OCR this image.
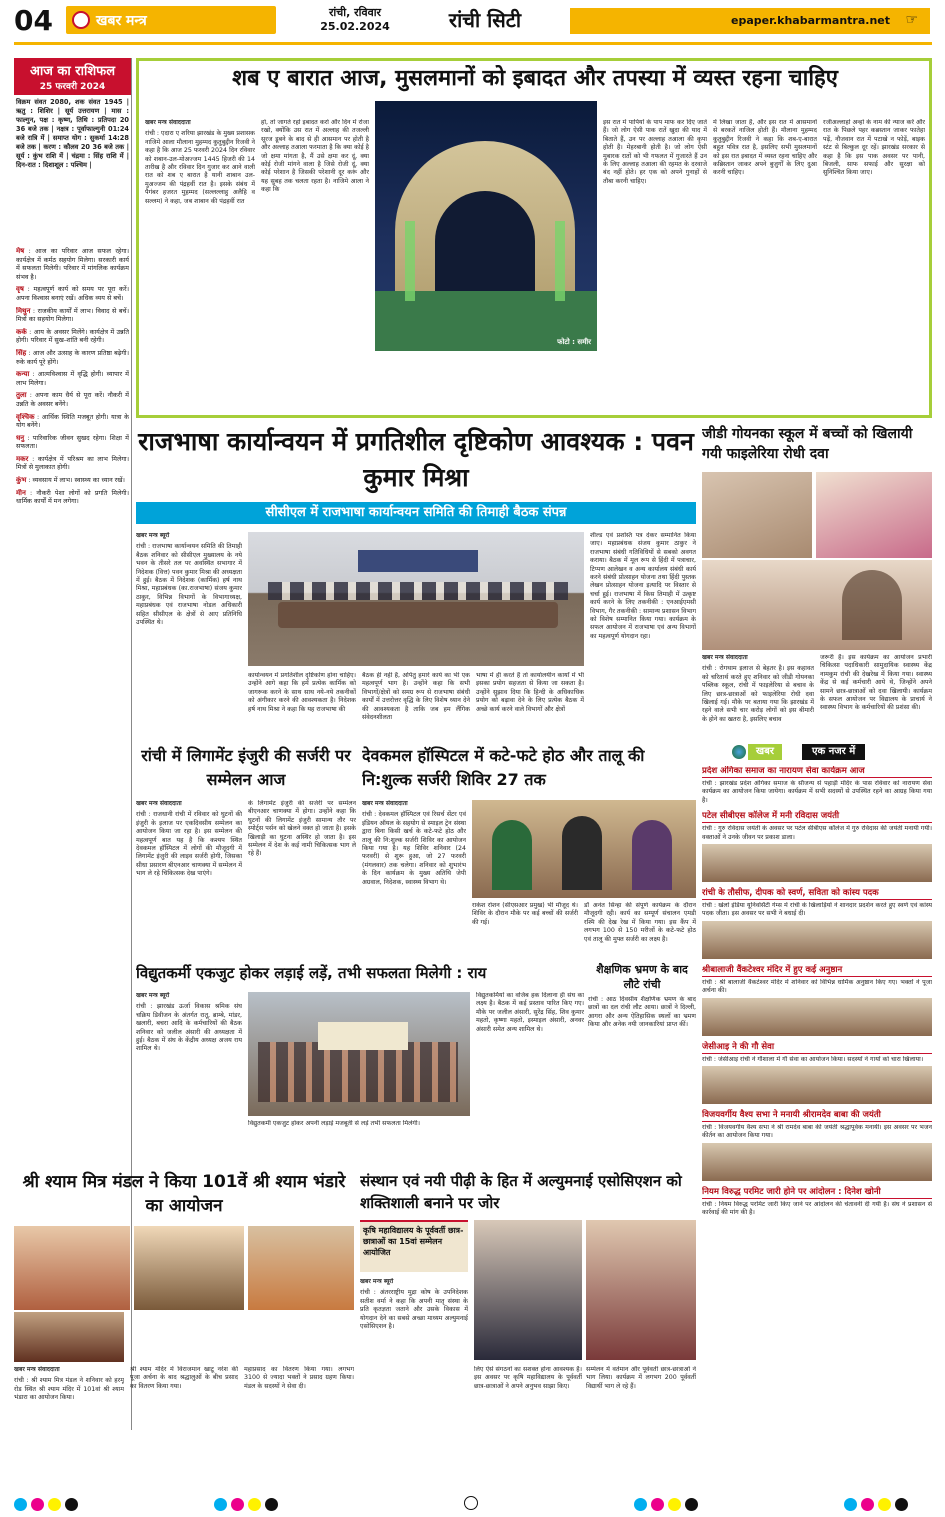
04	खबर मन्त्र
रांची, रविवार
25.02.2024	रांची सिटी	epaper.khabarmantra.net ☞
आज का राशिफल
25 फरवरी 2024
विक्रम संवत 2080, शक संवत 1945 | ऋतु : शिशिर | सूर्य उत्तरायण | मास : फाल्गुन, पक्ष : कृष्ण, तिथि : प्रतिपदा 20 36 बजे तक | नक्षत्र : पूर्वाफाल्गुनी 01:24 बजे रात्रि में | समाप्त योग : सुकर्मा 14:28 बजे तक | करण : कौलव 20 36 बजे तक | सूर्य : कुंभ राशि में | चंद्रमा : सिंह राशि में | दिन-रात : दिशाशूल : पश्चिम |
मेष : आज का परिवार आज सफल रहेगा। कार्यक्षेत्र में कर्मठ सहयोग मिलेगा। सरकारी कार्य में सफलता मिलेगी। परिवार में मांगलिक कार्यक्रम संभव है।
वृष : महत्वपूर्ण कार्य को समय पर पूरा करें। अपना विश्वास बनाएं रखें। अधिक व्यय से बचें।
मिथुन : राजकीय कार्यों में लाभ। विवाद से बचें। मित्रों का सहयोग मिलेगा।
कर्क : आय के अवसर मिलेंगे। कार्यक्षेत्र में उन्नति होगी। परिवार में सुख-शांति बनी रहेगी।
सिंह : आज और उत्साह के कारण प्रतिष्ठा बढ़ेगी। रुके कार्य पूरे होंगे।
कन्या : आत्मविश्वास में वृद्धि होगी। व्यापार में लाभ मिलेगा।
तुला : अपना काम धैर्य से पूरा करें। नौकरी में उन्नति के अवसर बनेंगे।
वृश्चिक : आर्थिक स्थिति मजबूत होगी। यात्रा के योग बनेंगे।
धनु : पारिवारिक जीवन सुखद रहेगा। शिक्षा में सफलता।
मकर : कार्यक्षेत्र में परिश्रम का लाभ मिलेगा। मित्रों से मुलाकात होगी।
कुंभ : व्यवसाय में लाभ। स्वास्थ्य का ध्यान रखें।
मीन : नौकरी पेशा लोगों को प्रगति मिलेगी। धार्मिक कार्यों में मन लगेगा।
शब ए बारात आज, मुसलमानों को इबादत और तपस्या में व्यस्त रहना चाहिए
खबर मन्त्र संवाददाता
रांची : एदारा ए शरिया झारखंड के मुख्य प्रशासक नाजिमे आला मौलाना मुहम्मद कुतुबुद्दीन रिजवी ने कहा है कि आज 25 फरवरी 2024 दिन रविवार को शबान-उल-मोअज्जम 1445 हिजरी की 14 तारीख है और रविवार दिन गुजार कर आने वाली रात को शब ए बारात है यानी शाबान उल-मुअज्जम की पंद्रहवीं रात है। इसके संबंध में पैगंबर हजरत मुहम्मद (सल्लल्लाहु अलैहि व सल्लम) ने कहा, जब शाबान की पंद्रहवीं रात
हो, तो जागते रहो इबादत करो और दिन में रोजा रखो, क्योंकि उस रात में अल्लाह की तजल्ली सूरज डूबने के बाद से ही आसमान पर होती है और अल्लाह तआला फरमाता है कि क्या कोई है जो क्षमा मांगता है, मैं उसे क्षमा कर दूं, क्या कोई रोजी मांगने वाला है जिसे रोजी दूं, क्या कोई परेशान है जिसकी परेशानी दूर करूं और यह सुबह तक चलता रहता है। नाजिमे आला ने कहा कि
फोटो : समीर
इस रात में पापियों के पाप माफ कर दिए जाते हैं। जो लोग ऐसी पाक रातें खुदा की याद में बिताते हैं, उन पर अल्लाह तआला की कृपा होती है। मेहरबानी होती है। जो लोग ऐसी मुबारक रातों को भी गफलत में गुजारते हैं उन के लिए अल्लाह तआला की रहमत के दरवाजे बंद नहीं होते। हर एक को अपने गुनाहों से तौबा करनी चाहिए।
में लिखा जाता है, और इस रात में आसमानों से बरकतें नाजिल होती हैं। मौलाना मुहम्मद कुतुबुद्दीन रिजवी ने कहा कि शब-ए-बारात बहुत पवित्र रात है, इसलिए सभी मुसलमानों को इस रात इबादत में व्यस्त रहना चाहिए और कब्रिस्तान जाकर अपने बुजुर्गों के लिए दुआ करनी चाहिए।
रजीअल्लाहो अन्हो के नाम की न्याज करें और रात के पिछले पहर कब्रस्तान जाकर फातेहा पढ़ें, नौजवान रात में पटाखे न फोड़ें, बाइक स्टंट से बिल्कुल दूर रहें। झारखंड सरकार से कहा है कि इस पाक अवसर पर पानी, बिजली, साफ सफाई और सुरक्षा को सुनिश्चित किया जाए।
राजभाषा कार्यान्वयन में प्रगतिशील दृष्टिकोण आवश्यक : पवन कुमार मिश्रा
सीसीएल में राजभाषा कार्यान्वयन समिति की तिमाही बैठक संपन्न
खबर मन्त्र ब्यूरो
रांची : राजभाषा कार्यान्वयन समिति की तिमाही बैठक शनिवार को सीसीएल मुख्यालय के नये भवन के तीसरे तल पर अवस्थित सभागार में निदेशक (वित्त) पवन कुमार मिश्रा की अध्यक्षता में हुई। बैठक में निदेशक (कार्मिक) हर्ष नाथ मिश्रा, महाप्रबंधक (का.राजभाषा) संजय कुमार ठाकुर, विभिन्न विभागों के विभागाध्यक्ष, महाप्रबंधक एवं राजभाषा नोडल अधिकारी सहित सीसीएल के क्षेत्रों से आए प्रतिनिधि उपस्थित थे।
कार्यान्वयन में प्रगतिशील दृष्टिकोण होना चाहिए। उन्होंने आगे कहा कि हमें प्रत्येक कार्मिक को जागरूक करने के साथ साथ नये-नये तकनीकों को अंगीकार करने की आवश्यकता है। निदेशक हर्ष नाथ मिश्रा ने कहा कि यह राजभाषा की
बैठक ही नहीं है, अपितु हमारे कार्य का भी एक महत्वपूर्ण भाग है। उन्होंने कहा कि सभी विभागों/क्षेत्रों को समग्र रूप से राजभाषा संबंधी कार्यों में उत्तरोत्तर वृद्धि के लिए विशेष ध्यान देने की आवश्यकता है ताकि जब हम लैंगिक संवेदनशीलता
भाषा में ही करते हैं तो कार्यालयीन कार्यों में भी इसका प्रयोग सहजता से किया जा सकता है। उन्होंने सुझाव दिया कि हिन्दी के अधिकाधिक प्रयोग को बढ़ावा देने के लिए प्रत्येक बैठक में अच्छे कार्य करने वाले विभागों और क्षेत्रों
शील्ड एवं प्रशस्ति पत्र देकर सम्मानित किया जाए। महाप्रबंधक संजय कुमार ठाकुर ने राजभाषा संबंधी गतिविधियों से सबको अवगत कराया। बैठक में मूल रूप से हिंदी में पत्राचार, टिप्पण आलेखन व अन्य कार्यालय संबंधी कार्य करने संबंधी प्रोत्साहन योजना तथा हिंदी पुस्तक लेखन प्रोत्साहन योजना इत्यादि पर विस्तार से चर्चा हुई। राजभाषा में किस तिमाही में उत्कृष्ट कार्य करने के लिए तकनीकी : एनआईएमसी विभाग, गैर तकनीकी : सामान्य प्रशासन विभाग को विशेष सम्मानित किया गया। कार्यक्रम के सफल आयोजन में राजभाषा एवं अन्य विभागों का महत्वपूर्ण योगदान रहा।
जीडी गोयनका स्कूल में बच्चों को खिलायी गयी फाइलेरिया रोधी दवा
खबर मन्त्र संवाददाता
रांची : रोगथाम इलाज से बेहतर है। इस कहावत को चरितार्थ करते हुए शनिवार को जीडी गोयनका पब्लिक स्कूल, रांची में फाइलेरिया से बचाव के लिए छात्र-छात्राओं को फाइलेरिया रोधी दवा खिलाई गई। मौके पर बताया गया कि झारखंड में रहने वाले सभी चार करोड़ लोगों को इस बीमारी के होने का खतरा है, इसलिए बचाव
जरूरी है। इस कार्यक्रम का आयोजन प्रभारी चिकित्सा पदाधिकारी सामुदायिक स्वास्थ्य केंद्र नामकुम रांची की देखरेख में किया गया। स्वास्थ्य केंद्र से कई कर्मचारी आये थे, जिन्होंने अपने सामने छात्र-छात्राओं को दवा खिलायी। कार्यक्रम के सफल आयोजन पर विद्यालय के प्राचार्य ने स्वास्थ्य विभाग के कर्मचारियों की प्रशंसा की।
रांची में लिगामेंट इंजुरी की सर्जरी पर सम्मेलन आज
खबर मन्त्र संवाददाता
रांची : राजधानी रांची में रविवार को घुटनों की इंजुरी के इलाज पर एकदिवसीय सम्मेलन का आयोजन किया जा रहा है। इस सम्मेलन की महत्वपूर्ण बात यह है कि कश्यप स्थित देवकमल हॉस्पिटल में लोगों की मौजूदगी में लिगामेंट इंजुरी की लाइव सर्जरी होगी, जिसका सीधा प्रसारण बीएनआर चाणक्या में सम्मेलन में भाग ले रहे चिकित्सक देख पाएंगे।
के लिगामेंट इंजुरी की सर्जरी पर सम्मेलन बीएनआर चाणक्या में होगा। उन्होंने कहा कि घुटनों की लिगामेंट इंजुरी सामान्य तौर पर स्पोर्ट्स पर्सन को खेलने वक्त हो जाता है। इसके खिलाड़ी का घुटना अस्थिर हो जाता है। इस सम्मेलन में देश के कई नामी चिकित्सक भाग ले रहे हैं।
देवकमल हॉस्पिटल में कटे-फटे होठ और तालू की नि:शुल्क सर्जरी शिविर 27 तक
खबर मन्त्र संवाददाता
रांची : देवकमल हॉस्पिटल एवं रिसर्च सेंटर एवं इंडियन ऑयल के सहयोग से स्माइल ट्रेन संस्था द्वारा बिना किसी खर्च के कटे-फटे होठ और तालू की नि:शुल्क सर्जरी शिविर का आयोजन किया गया है। यह शिविर शनिवार (24 फरवरी) से शुरू हुआ, जो 27 फरवरी (मंगलवार) तक चलेगा। शनिवार को शुभारंभ के दिन कार्यक्रम के मुख्य अतिथि जेपी अग्रवाल, निदेशक, स्वास्थ्य विभाग थे।
राकेश रोशन (सीएसआर प्रमुख) भी मौजूद थे। शिविर के दौरान मौके पर कई बच्चों की सर्जरी की गई।
डॉ अनंत सिन्हा की संपूर्ण कार्यक्रम के दौरान मौजूदगी रही। कार्य का सम्पूर्ण संचालन एमडी रश्मि की देख रेख में किया गया। इस कैंप में लगभग 100 से 150 मरीजों के कटे-फटे होठ एवं तालू की मुफ्त सर्जरी का लक्ष्य है।
खबर	एक नजर में
प्रदेश अंगिका समाज का नारायण सेवा कार्यक्रम आज
रांची : झारखंड प्रदेश अंगिका समाज के सौजन्य से पहाड़ी मंदिर के पास रविवार को नारायण सेवा कार्यक्रम का आयोजन किया जायेगा। कार्यक्रम में सभी सदस्यों से उपस्थित रहने का आग्रह किया गया है।
पटेल सीबीएस कॉलेज में मनी रविदास जयंती
रांची : गुरु रविदास जयंती के अवसर पर पटेल सीबीएस कॉलेज में गुरु रविदास की जयंती मनायी गयी। वक्ताओं ने उनके जीवन पर प्रकाश डाला।
रांची के तौसीफ, दीपक को स्वर्ण, सविता को कांस्य पदक
रांची : खेलो इंडिया यूनिवर्सिटी गेम्स में रांची के खिलाड़ियों ने शानदार प्रदर्शन करते हुए स्वर्ण एवं कांस्य पदक जीता। इस अवसर पर सभी ने बधाई दी।
श्रीबालाजी वैंकटेश्वर मंदिर में हुए कई अनुष्ठान
रांची : श्री बालाजी वैंकटेश्वर मंदिर में शनिवार को विभिन्न धार्मिक अनुष्ठान किए गए। भक्तों ने पूजा अर्चना की।
जेसीआइ ने की गौ सेवा
रांची : जेसीआइ रांची ने गौशाला में गौ सेवा का आयोजन किया। सदस्यों ने गायों को चारा खिलाया।
विजयवर्गीय वैश्य सभा ने मनायी श्रीरामदेव बाबा की जयंती
रांची : विजयवर्गीय वैश्य सभा ने श्री रामदेव बाबा की जयंती श्रद्धापूर्वक मनायी। इस अवसर पर भजन कीर्तन का आयोजन किया गया।
नियम विरुद्ध परमिट जारी होने पर आंदोलन : दिनेश खोनी
रांची : नियम विरुद्ध परमिट जारी किए जाने पर आंदोलन की चेतावनी दी गयी है। संघ ने प्रशासन से कार्रवाई की मांग की है।
विद्युतकर्मी एकजुट होकर लड़ाई लड़ें, तभी सफलता मिलेगी : राय
खबर मन्त्र ब्यूरो
रांची : झारखंड ऊर्जा विकास श्रमिक संघ चक्रिय डिवीजन के अंतर्गत रातू, ब्राम्बे, मांडर, खलारी, बचरा आदि के कर्मचारियों की बैठक शनिवार को जलील अंसारी की अध्यक्षता में हुई। बैठक में संघ के केंद्रीय अध्यक्ष अजय राय शामिल थे।
विद्युतकर्मी एकजुट होकर अपनी लड़ाई मजबूती से लड़ें तभी सफलता मिलेगी।
विद्युतकर्मियों का वजिब हक दिलाना ही संघ का लक्ष्य है। बैठक में कई प्रस्ताव पारित किए गए। मौके पर जलील अंसारी, सुरेंद्र सिंह, शिव कुमार महतो, कृष्णा महतो, इस्माइल अंसारी, अनवर अंसारी समेत अन्य शामिल थे।
शैक्षणिक भ्रमण के बाद लौटे रांची
रांची : आठ दिवसीय शैक्षणिक भ्रमण के बाद छात्रों का दल रांची लौट आया। छात्रों ने दिल्ली, आगरा और अन्य ऐतिहासिक स्थलों का भ्रमण किया और अनेक नयी जानकारियां प्राप्त कीं।
श्री श्याम मित्र मंडल ने किया 101वें श्री श्याम भंडारे का आयोजन
खबर मन्त्र संवाददाता
रांची : श्री श्याम मित्र मंडल ने शनिवार को हरमू रोड स्थित श्री श्याम मंदिर में 101वां श्री श्याम भंडारा का आयोजन किया।
श्री श्याम मंदिर में विराजमान खाटू नरेश की पूजा अर्चना के बाद श्रद्धालुओं के बीच प्रसाद का वितरण किया गया।
महाप्रसाद का वितरण किया गया। लगभग 3100 से ज्यादा भक्तों ने प्रसाद ग्रहण किया। मंडल के सदस्यों ने सेवा दी।
संस्थान एवं नयी पीढ़ी के हित में अल्युमनाई एसोसिएशन को शक्तिशाली बनाने पर जोर
कृषि महाविद्यालय के पूर्ववर्ती छात्र-छात्राओं का 15वां सम्मेलन आयोजित
खबर मन्त्र ब्यूरो
रांची : अंतरराष्ट्रीय मुद्रा कोष के उपनिदेशक सतीश वर्मा ने कहा कि अपनी मातृ संस्था के प्रति कृतज्ञता जताने और उसके विकास में योगदान देने का सबसे अच्छा माध्यम अल्युमनाई एसोसिएशन है।
लिए ऐसे संगठनों का सशक्त होना आवश्यक है। इस अवसर पर कृषि महाविद्यालय के पूर्ववर्ती छात्र-छात्राओं ने अपने अनुभव साझा किए।
सम्मेलन में वर्तमान और पूर्ववर्ती छात्र-छात्राओं ने भाग लिया। कार्यक्रम में लगभग 200 पूर्ववर्ती विद्यार्थी भाग ले रहे हैं।
